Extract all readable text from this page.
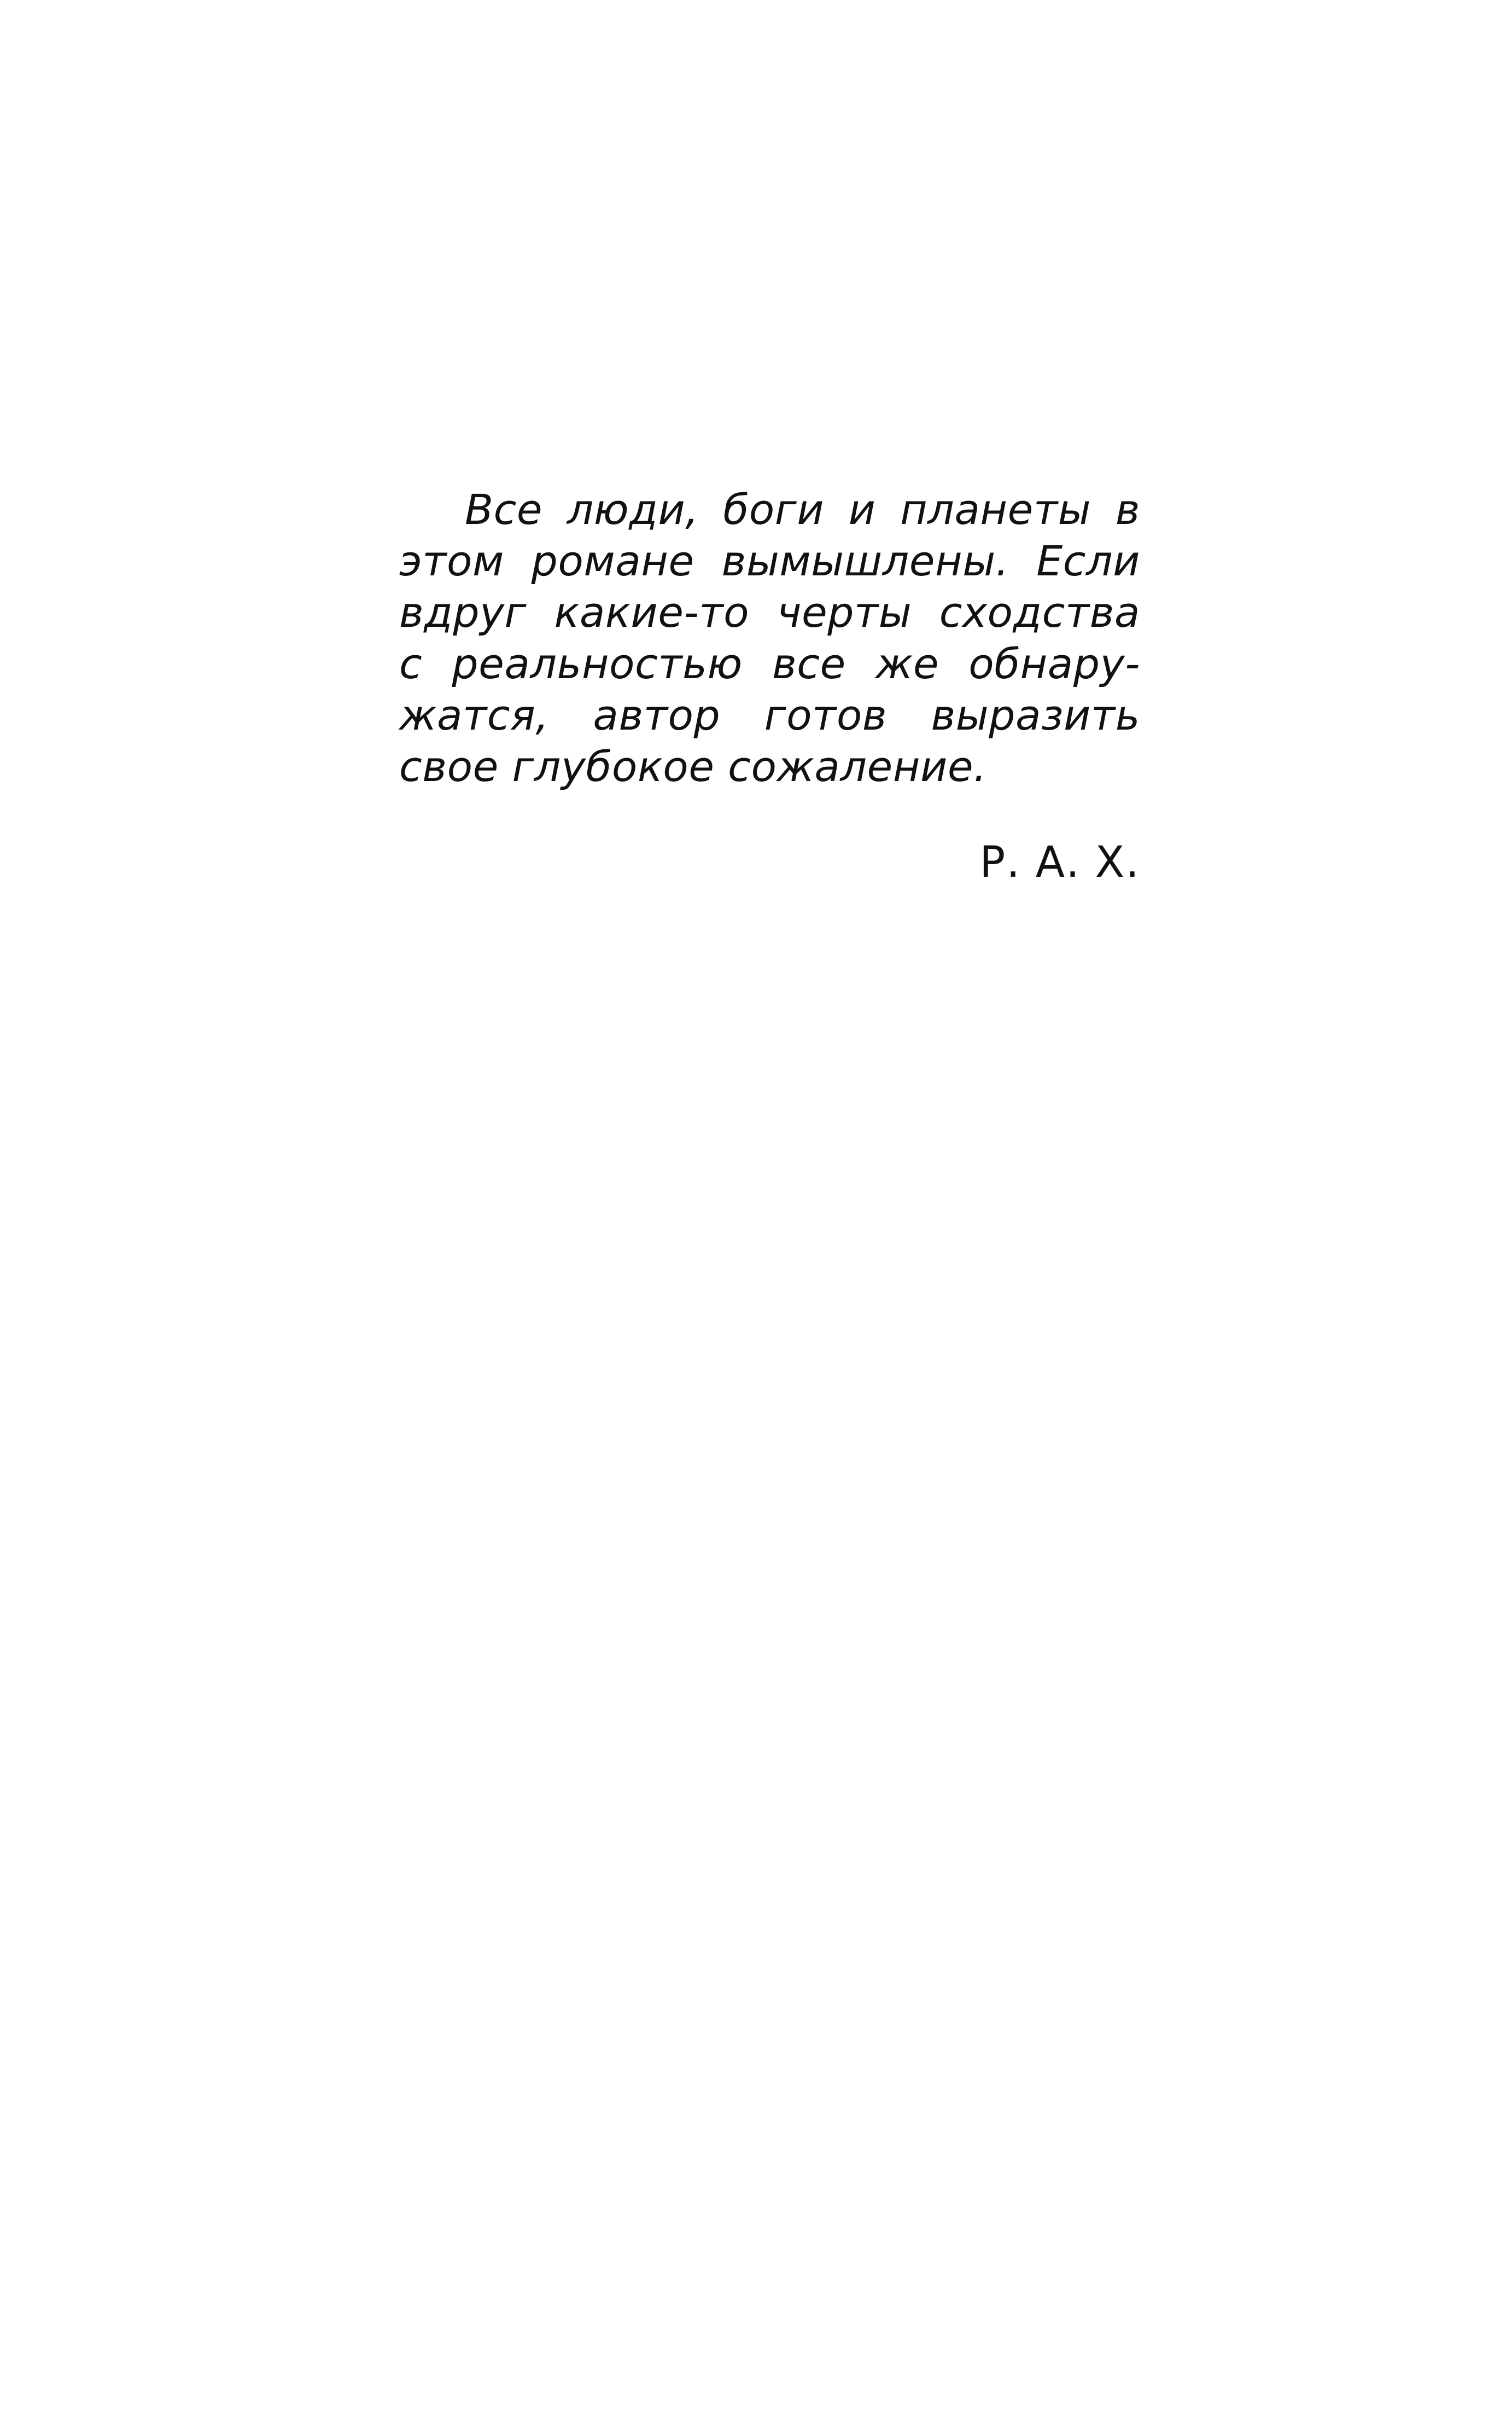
Все люди, боги и планеты в
этом романе вымышлены. Если
вдруг какие-то черты сходства
с реальностью все же обнару-
жатся, автор готов выразить
свое глубокое сожаление.

Р. А. Х.
